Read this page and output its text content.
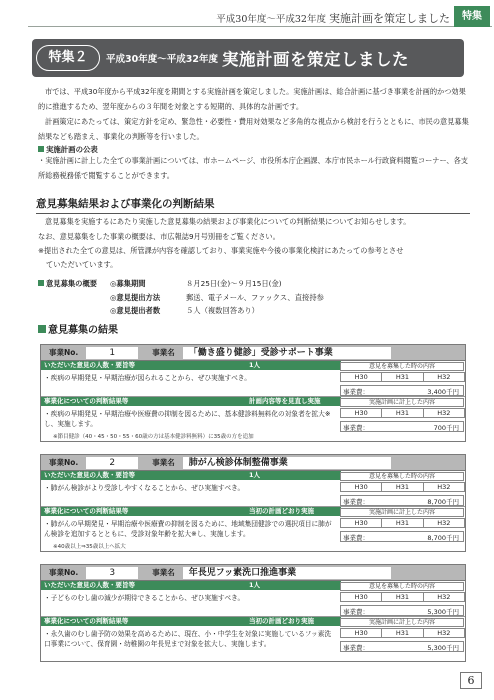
平成30年度～平成32年度 実施計画を策定しました	特集
特集２	平成30年度～平成32年度 実施計画を策定しました
市では、平成30年度から平成32年度を期間とする実施計画を策定しました。実施計画は、総合計画に基づき事業を計画的かつ効果的に推進するため、翌年度からの３年間を対象とする短期的、具体的な計画です。
計画策定にあたっては、策定方針を定め、緊急性・必要性・費用対効果など多角的な視点から検討を行うとともに、市民の意見募集結果なども踏まえ、事業化の判断等を行いました。
実施計画の公表
・実施計画に計上した全ての事業計画については、市ホームページ、市役所本庁企画課、本庁市民ホール行政資料閲覧コーナー、各支所総務税務係で閲覧することができます。
意見募集結果および事業化の判断結果
意見募集を実施するにあたり実施した意見募集の結果および事業化についての判断結果についてお知らせします。
なお、意見募集をした事業の概要は、市広報誌9月号別冊をご覧ください。
※提出された全ての意見は、所管課が内容を確認しており、事業実施や今後の事業化検討にあたっての参考とさせ
ていただいています。
意見募集の概要 ◎募集期間	８月25日(金)～９月15日(金)
◎意見提出方法	郵送、電子メール、ファックス、直接持参
◎意見提出者数	５人（複数回答あり）
意見募集の結果
事業No.	1	事業名	「働き盛り健診」受診サポート事業
いただいた意見の人数・要旨等	1人
・疾病の早期発見・早期治療が図られることから、ぜひ実施すべき。
意見を募集した時の内容
H30	H31	H32
事業費：	3,400千円
事業化についての判断結果等	計画内容等を見直し実施
・疾病の早期発見・早期治療や医療費の抑制を図るために、基本健診料無料化の対象者を拡大※し、実施します。
※節目健診（40・45・50・55・60歳の方は基本健診料無料）に35歳の方を追加
実施計画に計上した内容
H30	H31	H32
事業費：	700千円
事業No.	2	事業名	肺がん検診体制整備事業
いただいた意見の人数・要旨等	1人
・肺がん検診がより受診しやすくなることから、ぜひ実施すべき。
意見を募集した時の内容
H30	H31	H32
事業費：	8,700千円
事業化についての判断結果等	当初の計画どおり実施
・肺がんの早期発見・早期治療や医療費の抑制を図るために、地域集団健診での選択項目に肺がん検診を追加するとともに、受診対象年齢を拡大※し、実施します。
※40歳以上⇒35歳以上へ拡大
実施計画に計上した内容
H30	H31	H32
事業費：	8,700千円
事業No.	3	事業名	年長児フッ素洗口推進事業
いただいた意見の人数・要旨等	1人
・子どものむし歯の減少が期待できることから、ぜひ実施すべき。
意見を募集した時の内容
H30	H31	H32
事業費：	5,300千円
事業化についての判断結果等	当初の計画どおり実施
・永久歯のむし歯予防の効果を高めるために、現在、小・中学生を対象に実施しているフッ素洗口事業について、保育園・幼稚園の年長児まで対象を拡大し、実施します。
実施計画に計上した内容
H30	H31	H32
事業費：	5,300千円
6
